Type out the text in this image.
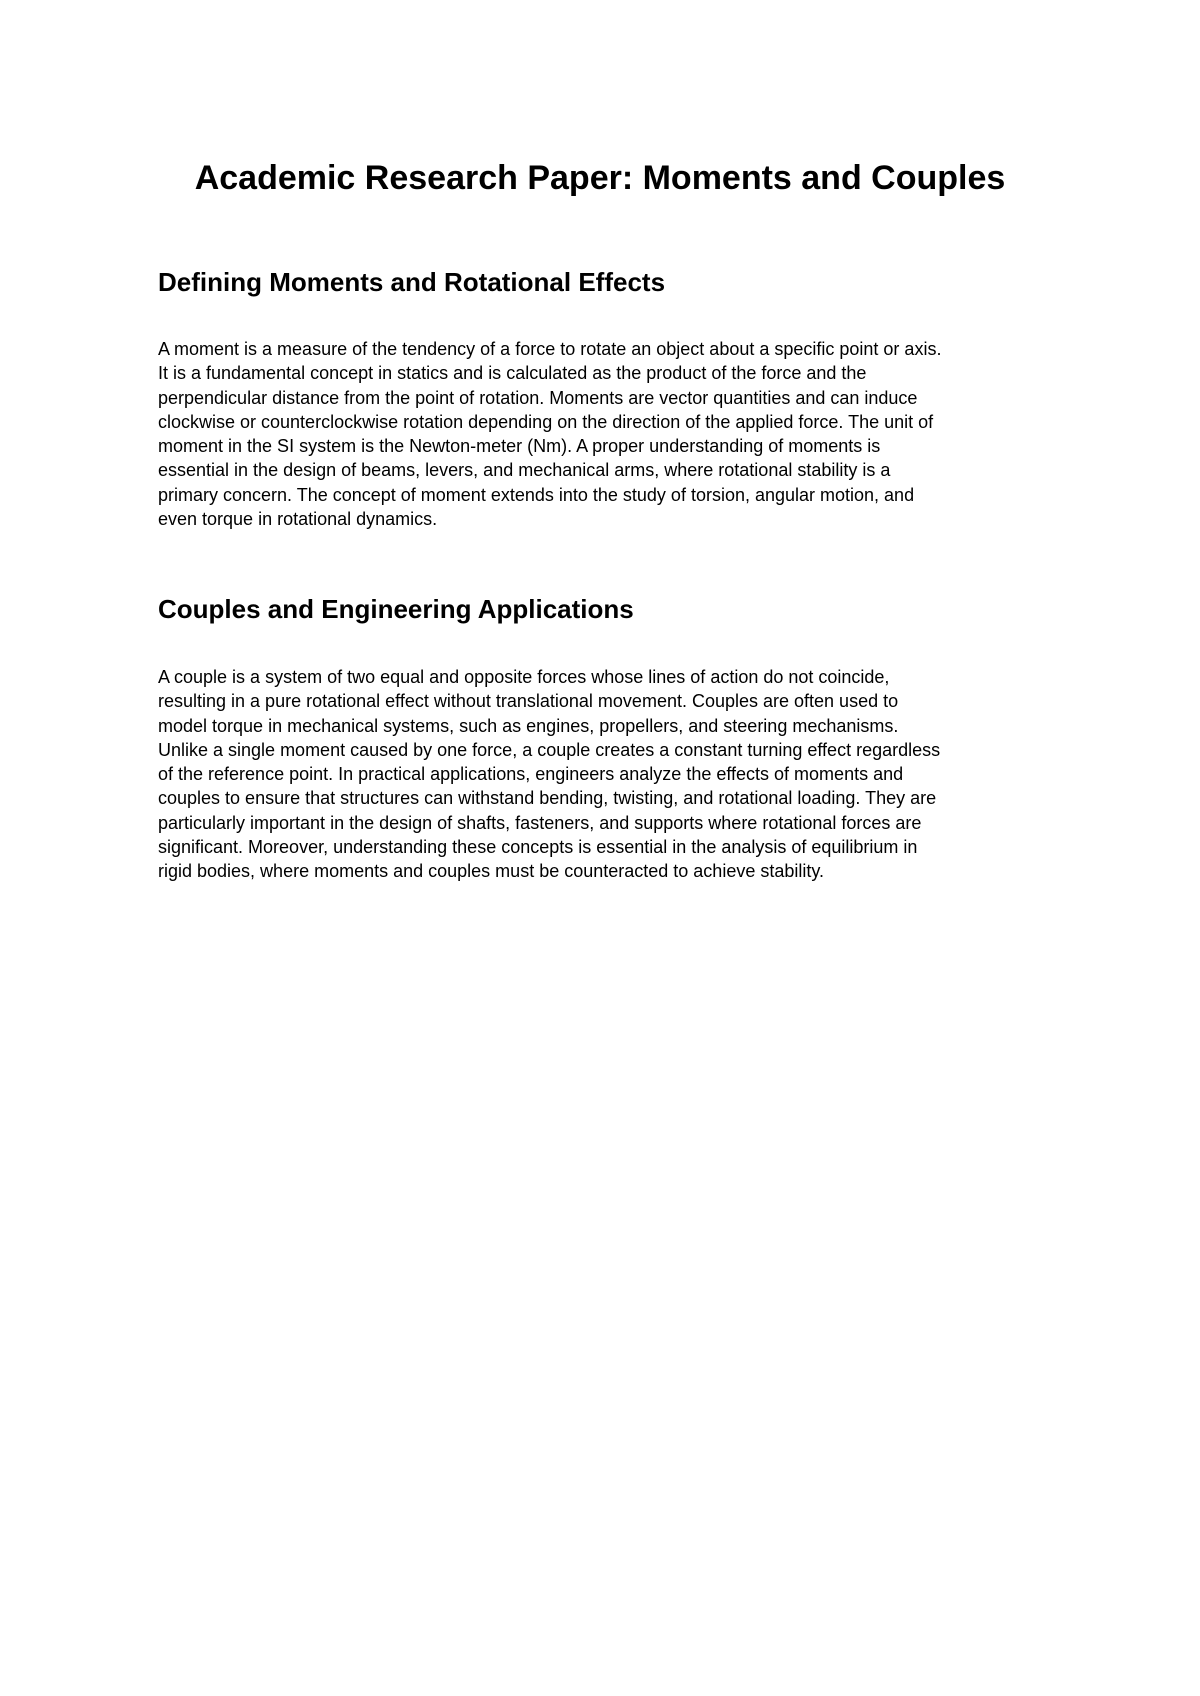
Academic Research Paper: Moments and Couples
Defining Moments and Rotational Effects
A moment is a measure of the tendency of a force to rotate an object about a specific point or axis.
It is a fundamental concept in statics and is calculated as the product of the force and the
perpendicular distance from the point of rotation. Moments are vector quantities and can induce
clockwise or counterclockwise rotation depending on the direction of the applied force. The unit of
moment in the SI system is the Newton-meter (Nm). A proper understanding of moments is
essential in the design of beams, levers, and mechanical arms, where rotational stability is a
primary concern. The concept of moment extends into the study of torsion, angular motion, and
even torque in rotational dynamics.
Couples and Engineering Applications
A couple is a system of two equal and opposite forces whose lines of action do not coincide,
resulting in a pure rotational effect without translational movement. Couples are often used to
model torque in mechanical systems, such as engines, propellers, and steering mechanisms.
Unlike a single moment caused by one force, a couple creates a constant turning effect regardless
of the reference point. In practical applications, engineers analyze the effects of moments and
couples to ensure that structures can withstand bending, twisting, and rotational loading. They are
particularly important in the design of shafts, fasteners, and supports where rotational forces are
significant. Moreover, understanding these concepts is essential in the analysis of equilibrium in
rigid bodies, where moments and couples must be counteracted to achieve stability.
